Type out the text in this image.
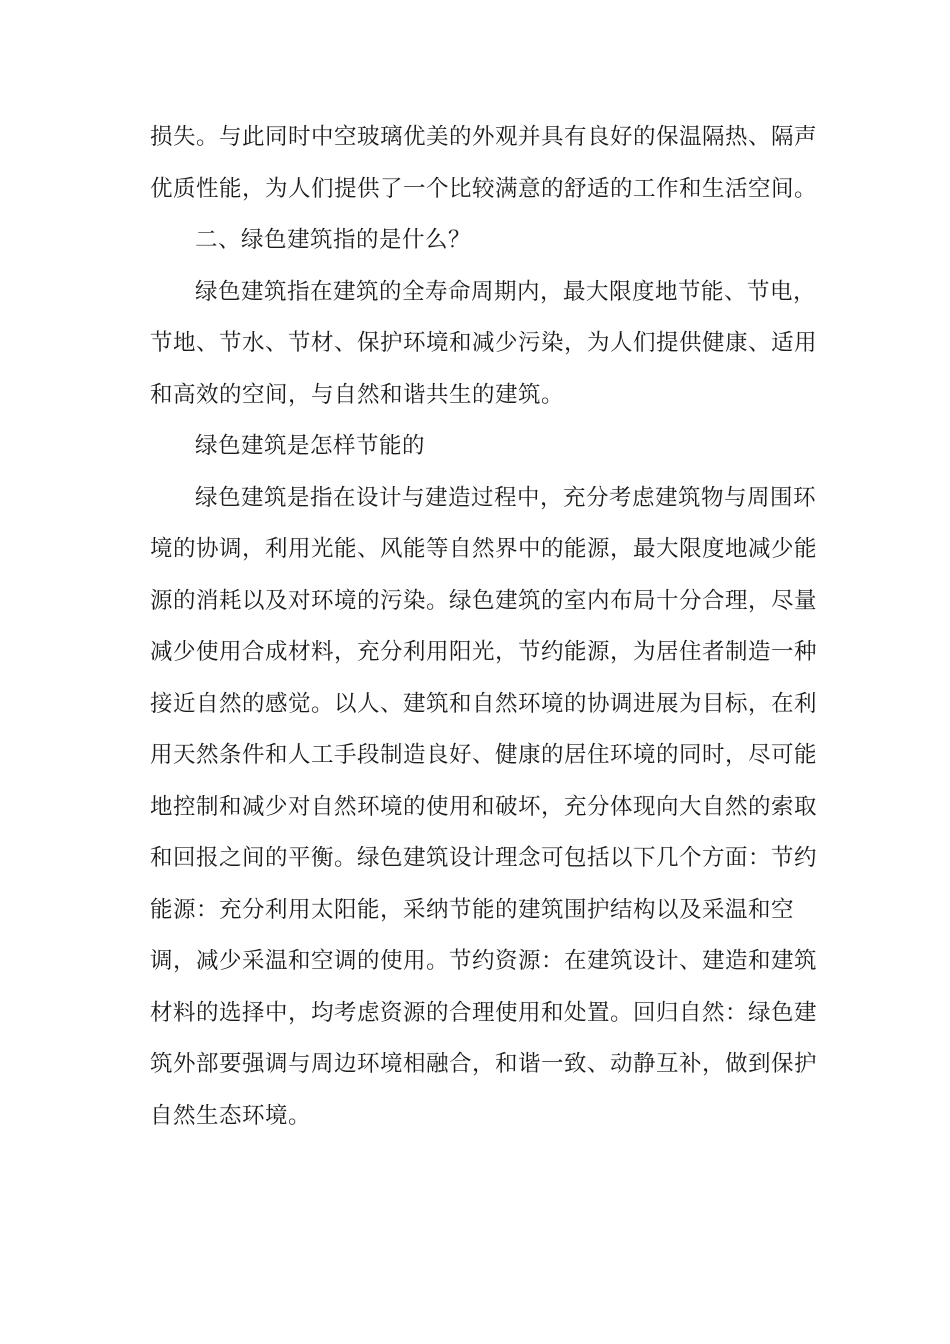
损失。与此同时中空玻璃优美的外观并具有良好的保温隔热、隔声
优质性能，为人们提供了一个比较满意的舒适的工作和生活空间。
二、绿色建筑指的是什么？
绿色建筑指在建筑的全寿命周期内，最大限度地节能、节电，
节地、节水、节材、保护环境和减少污染，为人们提供健康、适用
和高效的空间，与自然和谐共生的建筑。
绿色建筑是怎样节能的
绿色建筑是指在设计与建造过程中，充分考虑建筑物与周围环
境的协调，利用光能、风能等自然界中的能源，最大限度地减少能
源的消耗以及对环境的污染。绿色建筑的室内布局十分合理，尽量
减少使用合成材料，充分利用阳光，节约能源，为居住者制造一种
接近自然的感觉。以人、建筑和自然环境的协调进展为目标，在利
用天然条件和人工手段制造良好、健康的居住环境的同时，尽可能
地控制和减少对自然环境的使用和破坏，充分体现向大自然的索取
和回报之间的平衡。绿色建筑设计理念可包括以下几个方面：节约
能源：充分利用太阳能，采纳节能的建筑围护结构以及采温和空
调，减少采温和空调的使用。节约资源：在建筑设计、建造和建筑
材料的选择中，均考虑资源的合理使用和处置。回归自然：绿色建
筑外部要强调与周边环境相融合，和谐一致、动静互补，做到保护
自然生态环境。
